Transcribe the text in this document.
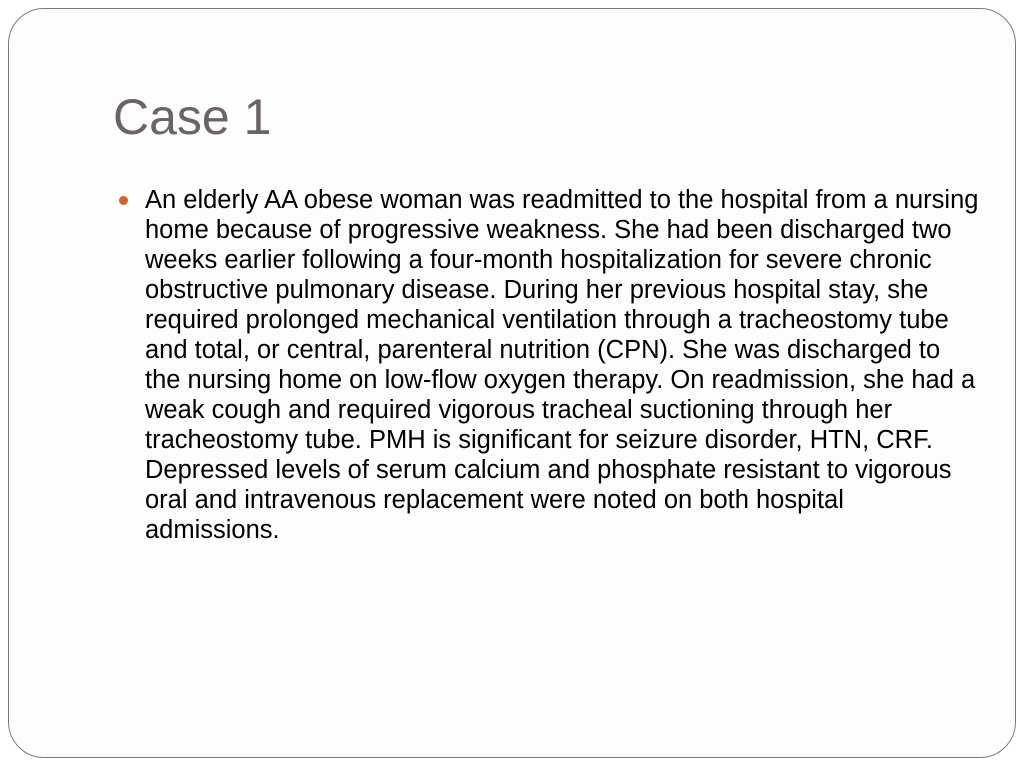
Case 1
An elderly AA obese woman was readmitted to the hospital from a nursing home because of progressive weakness. She had been discharged two weeks earlier following a four-month hospitalization for severe chronic obstructive pulmonary disease. During her previous hospital stay, she required prolonged mechanical ventilation through a tracheostomy tube and total, or central, parenteral nutrition (CPN). She was discharged to the nursing home on low-flow oxygen therapy. On readmission, she had a weak cough and required vigorous tracheal suctioning through her tracheostomy tube. PMH is significant for seizure disorder, HTN, CRF. Depressed levels of serum calcium and phosphate resistant to vigorous oral and intravenous replacement were noted on both hospital admissions.
